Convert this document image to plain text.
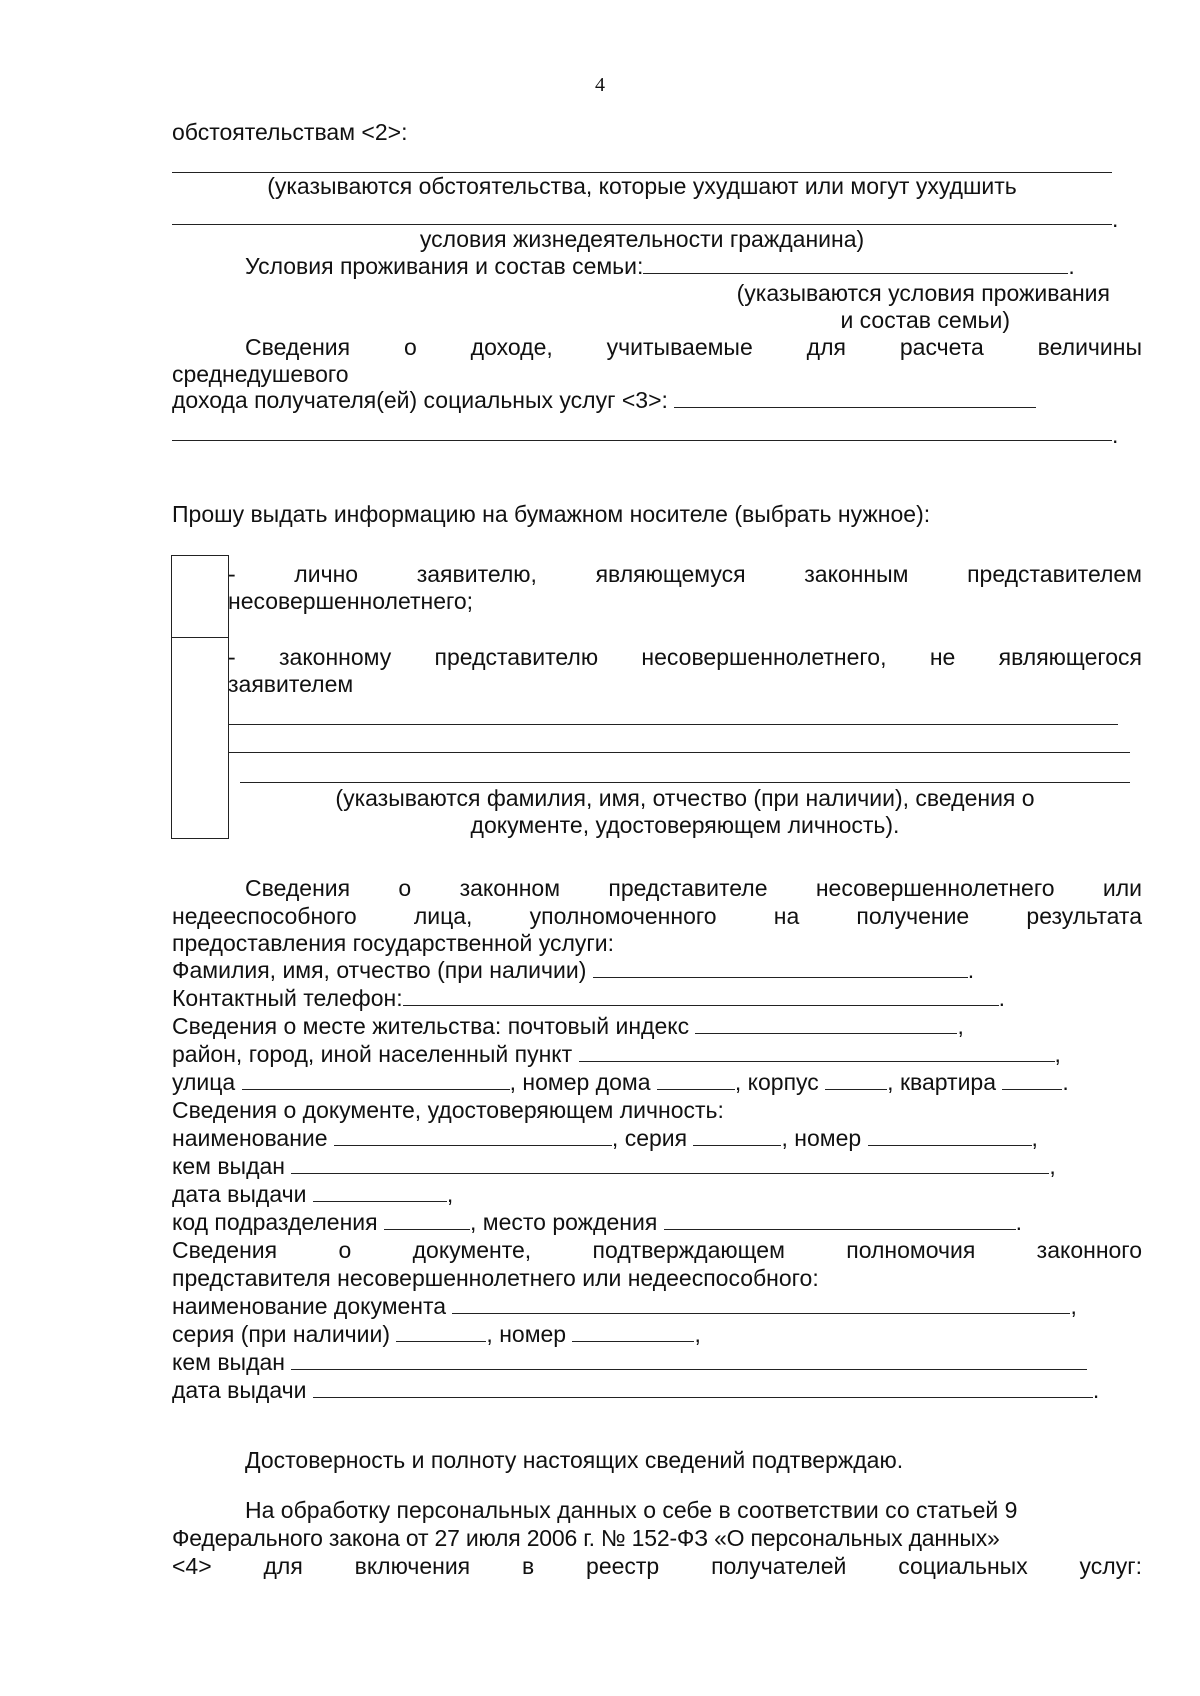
4
обстоятельствам <2>:
(указываются обстоятельства, которые ухудшают или могут ухудшить
.
условия жизнедеятельности гражданина)
Условия проживания и состав семьи:	.
(указываются условия проживания
и состав семьи)
Сведения о доходе, учитываемые для расчета величины
среднедушевого
дохода получателя(ей) социальных услуг <3>:
.
Прошу выдать информацию на бумажном носителе (выбрать нужное):
- лично заявителю, являющемуся законным представителем
несовершеннолетнего;
- законному представителю несовершеннолетнего, не являющегося
заявителем
(указываются фамилия, имя, отчество (при наличии), сведения о
документе, удостоверяющем личность).
Сведения о законном представителе несовершеннолетнего или
недееспособного лица, уполномоченного на получение результата
предоставления государственной услуги:
Фамилия, имя, отчество (при наличии)	.
Контактный телефон:	.
Сведения о месте жительства: почтовый индекс	,
район, город, иной населенный пункт	,
улица	, номер дома	, корпус	, квартира	.
Сведения о документе, удостоверяющем личность:
наименование	, серия	, номер	,
кем выдан	,
дата выдачи	,
код подразделения	, место рождения	.
Сведения о документе, подтверждающем полномочия законного
представителя несовершеннолетнего или недееспособного:
наименование документа	,
серия (при наличии)	, номер	,
кем выдан
дата выдачи	.
Достоверность и полноту настоящих сведений подтверждаю.
На обработку персональных данных о себе в соответствии со статьей 9
Федерального закона от 27 июля 2006 г. № 152-ФЗ «О персональных данных»
<4> для включения в реестр получателей социальных услуг:
